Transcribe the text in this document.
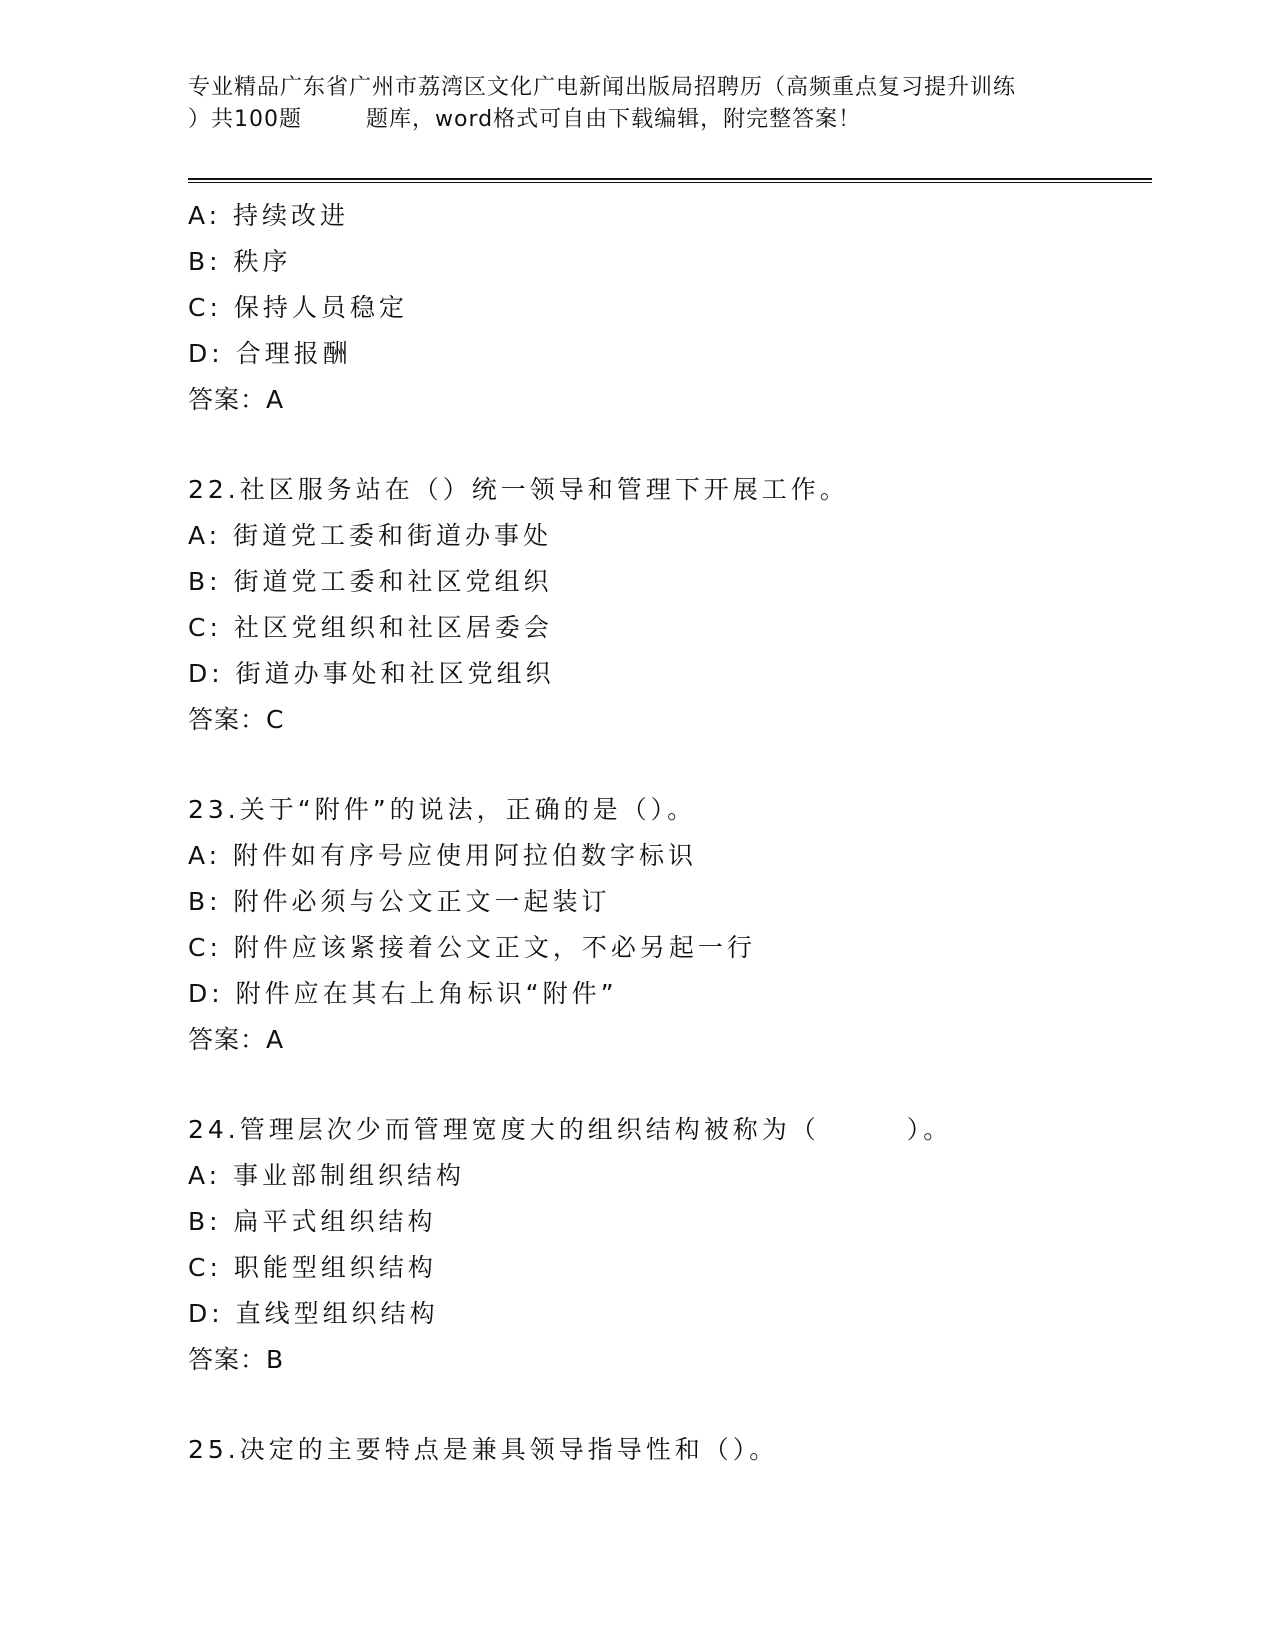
专业精品广东省广州市荔湾区文化广电新闻出版局招聘历（高频重点复习提升训练
）共100题	题库，word格式可自由下载编辑，附完整答案！
A: 持续改进
B: 秩序
C: 保持人员稳定
D: 合理报酬
答案：A
22.社区服务站在（）统一领导和管理下开展工作。
A: 街道党工委和街道办事处
B: 街道党工委和社区党组织
C: 社区党组织和社区居委会
D: 街道办事处和社区党组织
答案：C
23.关于“附件”的说法，正确的是（）。
A: 附件如有序号应使用阿拉伯数字标识
B: 附件必须与公文正文一起装订
C: 附件应该紧接着公文正文，不必另起一行
D: 附件应在其右上角标识“附件”
答案：A
24.管理层次少而管理宽度大的组织结构被称为（　　　）。
A: 事业部制组织结构
B: 扁平式组织结构
C: 职能型组织结构
D: 直线型组织结构
答案：B
25.决定的主要特点是兼具领导指导性和（）。
